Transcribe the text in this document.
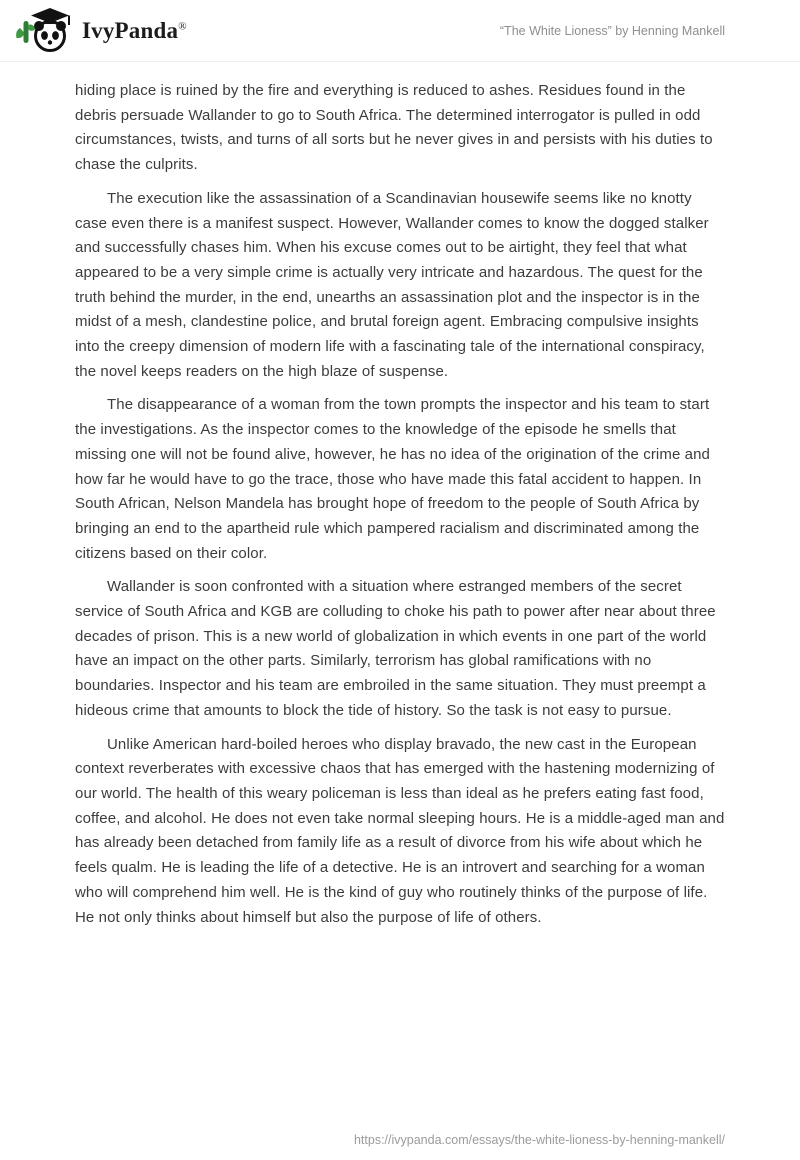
IvyPanda®	“The White Lioness” by Henning Mankell

hiding place is ruined by the fire and everything is reduced to ashes. Residues found in the debris persuade Wallander to go to South Africa. The determined interrogator is pulled in odd circumstances, twists, and turns of all sorts but he never gives in and persists with his duties to chase the culprits.

The execution like the assassination of a Scandinavian housewife seems like no knotty case even there is a manifest suspect. However, Wallander comes to know the dogged stalker and successfully chases him. When his excuse comes out to be airtight, they feel that what appeared to be a very simple crime is actually very intricate and hazardous. The quest for the truth behind the murder, in the end, unearths an assassination plot and the inspector is in the midst of a mesh, clandestine police, and brutal foreign agent. Embracing compulsive insights into the creepy dimension of modern life with a fascinating tale of the international conspiracy, the novel keeps readers on the high blaze of suspense.

The disappearance of a woman from the town prompts the inspector and his team to start the investigations. As the inspector comes to the knowledge of the episode he smells that missing one will not be found alive, however, he has no idea of the origination of the crime and how far he would have to go the trace, those who have made this fatal accident to happen. In South African, Nelson Mandela has brought hope of freedom to the people of South Africa by bringing an end to the apartheid rule which pampered racialism and discriminated among the citizens based on their color.

Wallander is soon confronted with a situation where estranged members of the secret service of South Africa and KGB are colluding to choke his path to power after near about three decades of prison. This is a new world of globalization in which events in one part of the world have an impact on the other parts. Similarly, terrorism has global ramifications with no boundaries. Inspector and his team are embroiled in the same situation. They must preempt a hideous crime that amounts to block the tide of history. So the task is not easy to pursue.

Unlike American hard-boiled heroes who display bravado, the new cast in the European context reverberates with excessive chaos that has emerged with the hastening modernizing of our world. The health of this weary policeman is less than ideal as he prefers eating fast food, coffee, and alcohol. He does not even take normal sleeping hours. He is a middle-aged man and has already been detached from family life as a result of divorce from his wife about which he feels qualm. He is leading the life of a detective. He is an introvert and searching for a woman who will comprehend him well. He is the kind of guy who routinely thinks of the purpose of life. He not only thinks about himself but also the purpose of life of others.

https://ivypanda.com/essays/the-white-lioness-by-henning-mankell/
